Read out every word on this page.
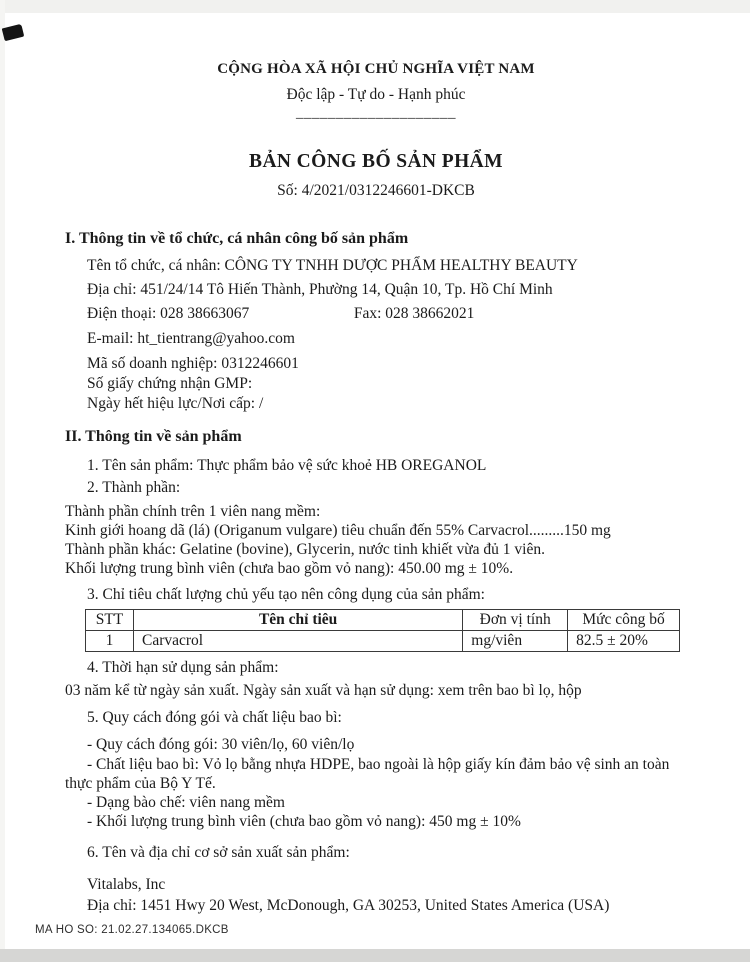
CỘNG HÒA XÃ HỘI CHỦ NGHĨA VIỆT NAM
Độc lập - Tự do - Hạnh phúc
____________________
BẢN CÔNG BỐ SẢN PHẨM
Số: 4/2021/0312246601-DKCB
I. Thông tin về tổ chức, cá nhân công bố sản phẩm

Tên tổ chức, cá nhân: CÔNG TY TNHH DƯỢC PHẨM HEALTHY BEAUTY

Địa chỉ: 451/24/14 Tô Hiến Thành, Phường 14, Quận 10, Tp. Hồ Chí Minh

Điện thoại: 028 38663067	Fax: 028 38662021

E-mail: ht_tientrang@yahoo.com

Mã số doanh nghiệp: 0312246601

Số giấy chứng nhận GMP:

Ngày hết hiệu lực/Nơi cấp: /

II. Thông tin về sản phẩm

1. Tên sản phẩm: Thực phẩm bảo vệ sức khoẻ HB OREGANOL

2. Thành phần:

Thành phần chính trên 1 viên nang mềm:

Kinh giới hoang dã (lá) (Origanum vulgare) tiêu chuẩn đến 55% Carvacrol.........150 mg

Thành phần khác: Gelatine (bovine), Glycerin, nước tinh khiết vừa đủ 1 viên.

Khối lượng trung bình viên (chưa bao gồm vỏ nang): 450.00 mg ± 10%.

3. Chỉ tiêu chất lượng chủ yếu tạo nên công dụng của sản phẩm:

STT	Tên chỉ tiêu	Đơn vị tính	Mức công bố
1	Carvacrol	mg/viên	82.5 ± 20%

4. Thời hạn sử dụng sản phẩm:

03 năm kể từ ngày sản xuất. Ngày sản xuất và hạn sử dụng: xem trên bao bì lọ, hộp

5. Quy cách đóng gói và chất liệu bao bì:

- Quy cách đóng gói: 30 viên/lọ, 60 viên/lọ

- Chất liệu bao bì: Vỏ lọ bằng nhựa HDPE, bao ngoài là hộp giấy kín đảm bảo vệ sinh an toàn thực phẩm của Bộ Y Tế.

- Dạng bào chế: viên nang mềm

- Khối lượng trung bình viên (chưa bao gồm vỏ nang): 450 mg ± 10%

6. Tên và địa chỉ cơ sở sản xuất sản phẩm:

Vitalabs, Inc

Địa chỉ: 1451 Hwy 20 West, McDonough, GA 30253, United States America (USA)

MA HO SO: 21.02.27.134065.DKCB
